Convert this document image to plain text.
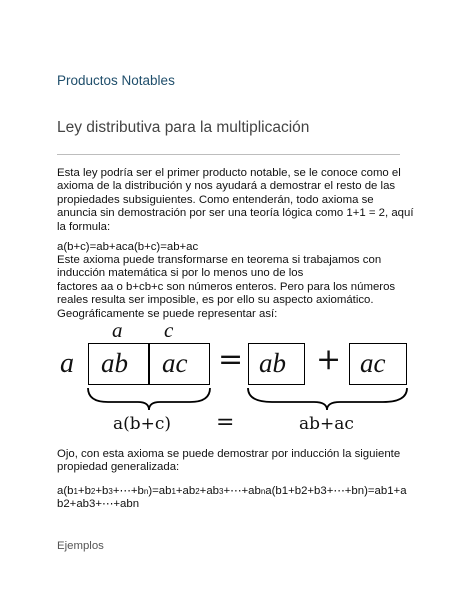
Productos Notables
Ley distributiva para la multiplicación
Esta ley podría ser el primer producto notable, se le conoce como el
axioma de la distribución y nos ayudará a demostrar el resto de las
propiedades subsiguientes. Como entenderán, todo axioma se
anuncia sin demostración por ser una teoría lógica como 1+1 = 2, aquí
la formula:
a(b+c)=ab+aca(b+c)=ab+ac
Este axioma puede transformarse en teorema si trabajamos con
inducción matemática si por lo menos uno de los
factores aa o b+cb+c son números enteros. Pero para los números
reales resulta ser imposible, es por ello su aspecto axiomático.
Geográficamente se puede representar así:
a c
a ab ac = ab + ac
a(b+c) =	ab+ac
Ojo, con esta axioma se puede demostrar por inducción la siguiente
propiedad generalizada:
a(b1+b2+b3+⋯+bn)=ab1+ab2+ab3+⋯+abna(b1+b2+b3+⋯+bn)=ab1+a
b2+ab3+⋯+abn
Ejemplos
